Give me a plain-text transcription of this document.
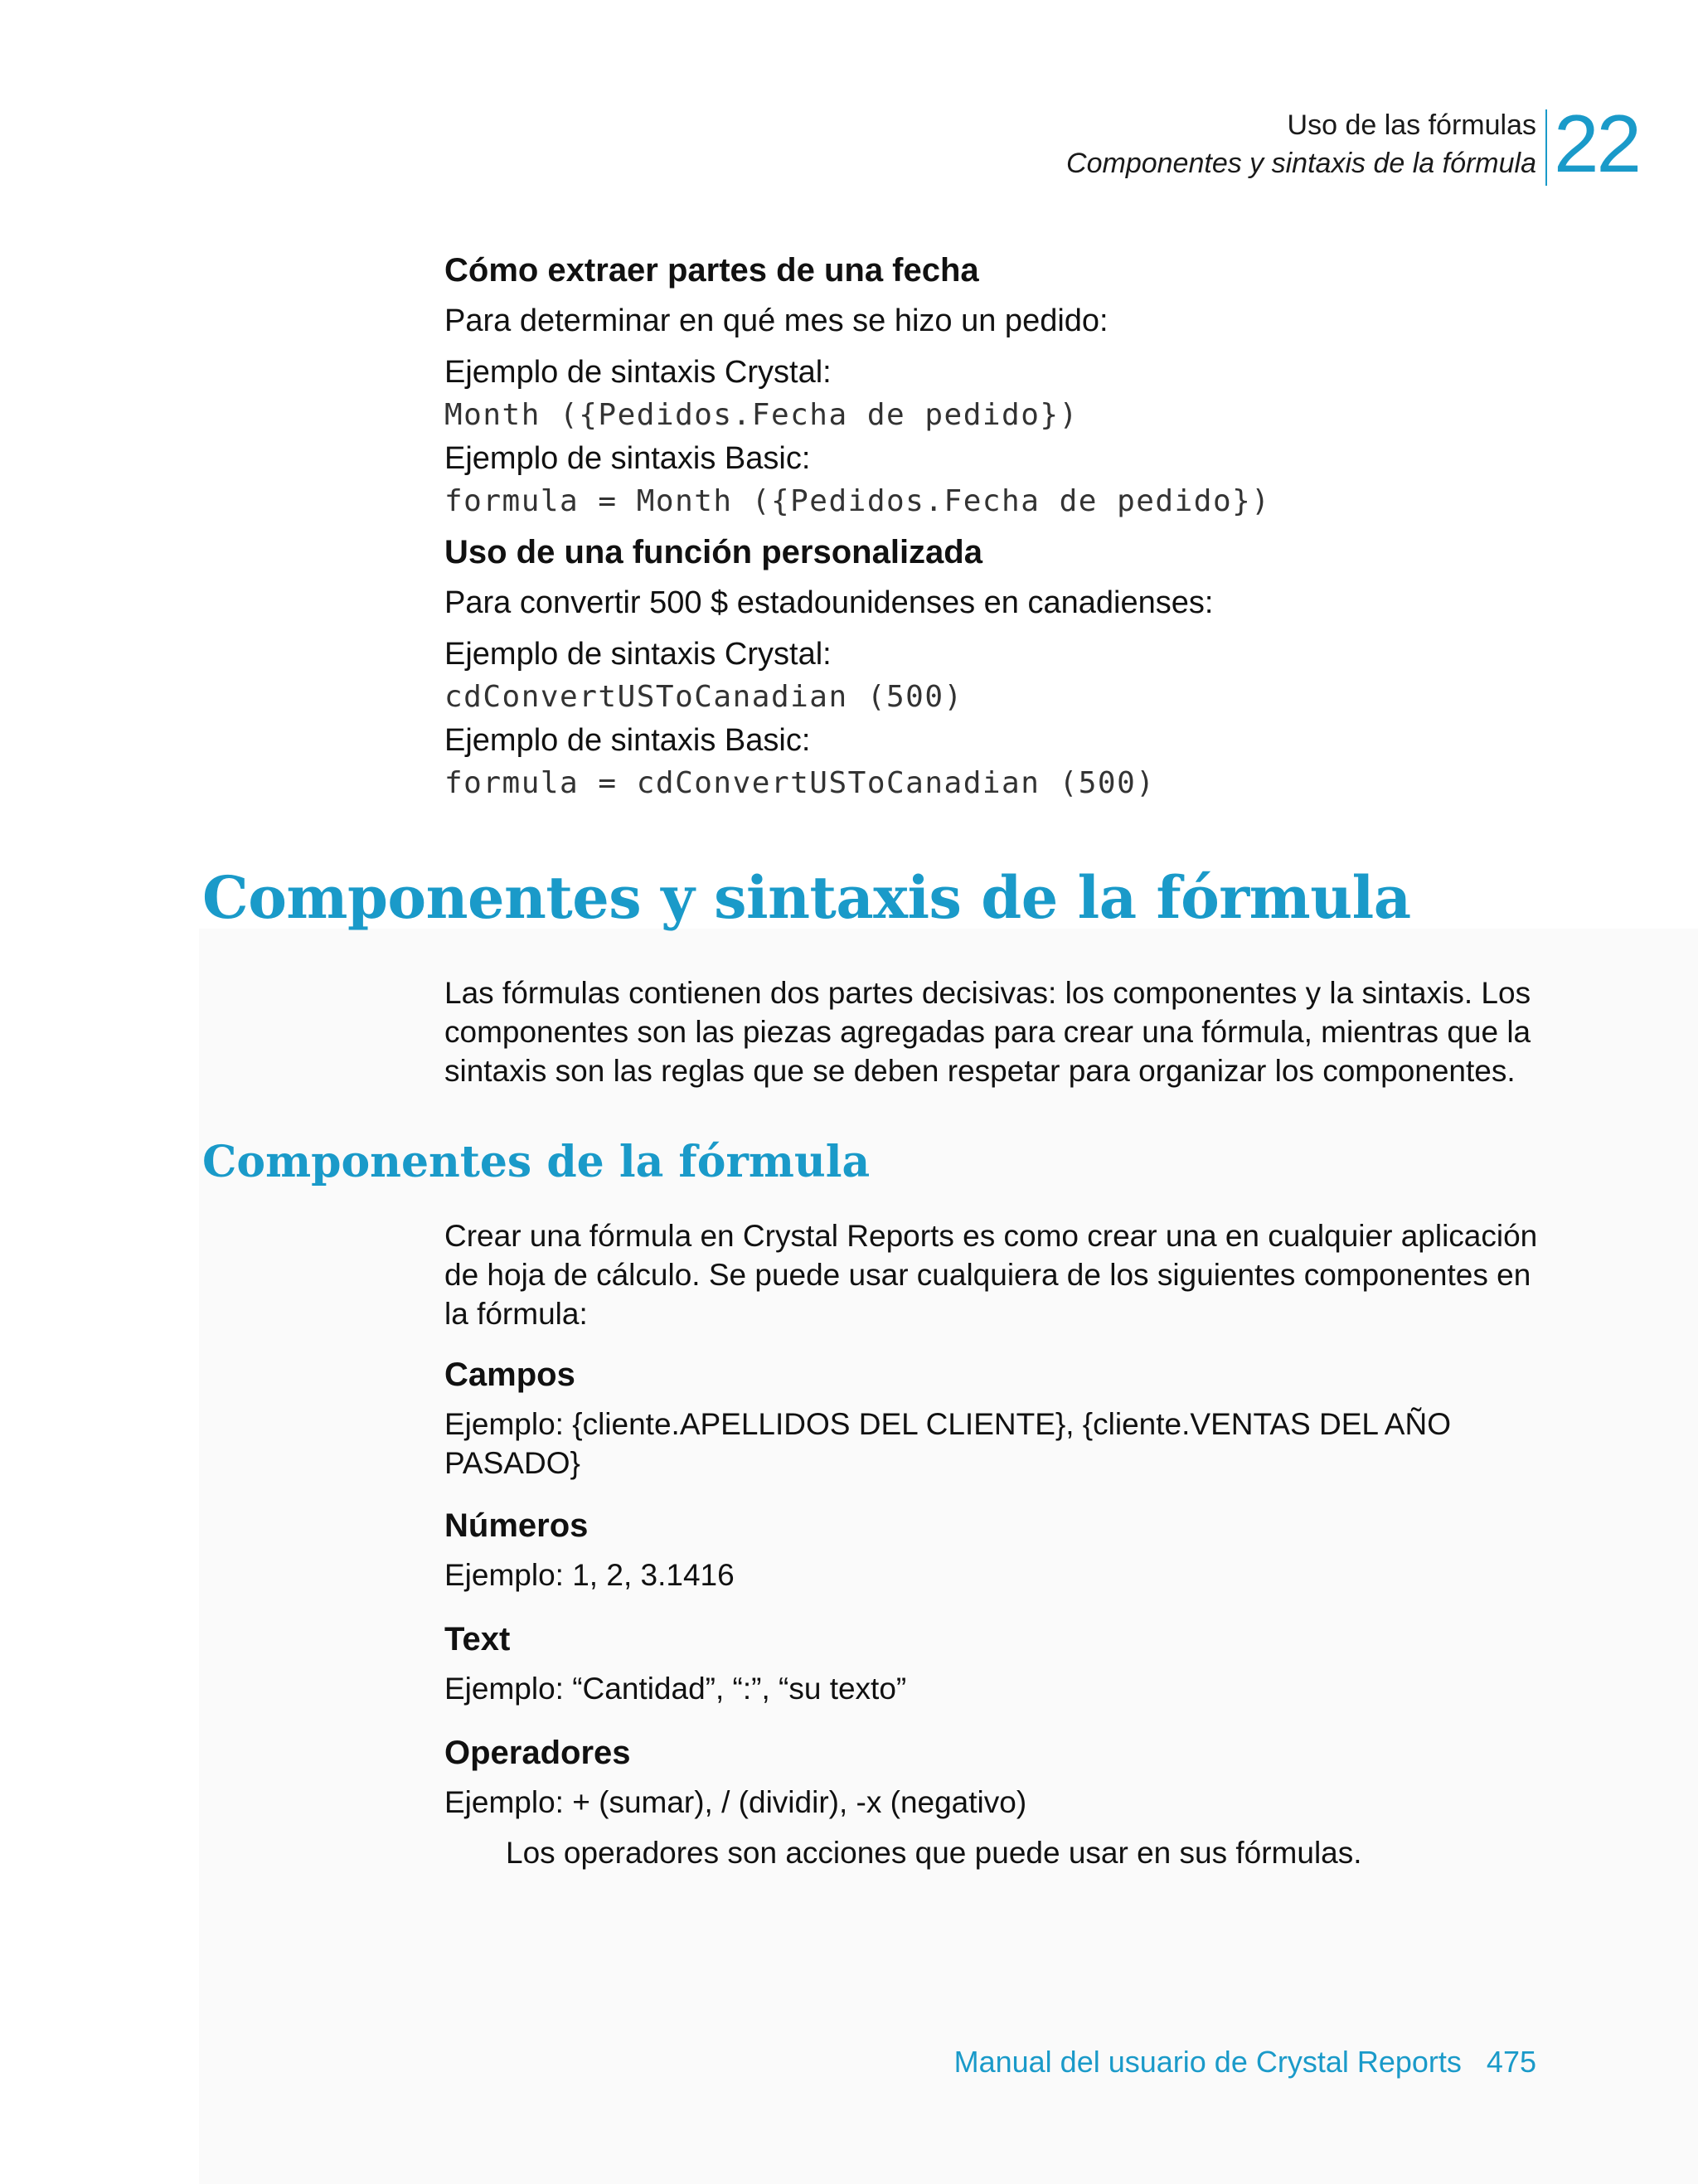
Uso de las fórmulas
Componentes y sintaxis de la fórmula 22
Cómo extraer partes de una fecha
Para determinar en qué mes se hizo un pedido:
Ejemplo de sintaxis Crystal:
Month ({Pedidos.Fecha de pedido})
Ejemplo de sintaxis Basic:
formula = Month ({Pedidos.Fecha de pedido})
Uso de una función personalizada
Para convertir 500 $ estadounidenses en canadienses:
Ejemplo de sintaxis Crystal:
cdConvertUSToCanadian (500)
Ejemplo de sintaxis Basic:
formula = cdConvertUSToCanadian (500)
Componentes y sintaxis de la fórmula
Las fórmulas contienen dos partes decisivas: los componentes y la sintaxis. Los componentes son las piezas agregadas para crear una fórmula, mientras que la sintaxis son las reglas que se deben respetar para organizar los componentes.
Componentes de la fórmula
Crear una fórmula en Crystal Reports es como crear una en cualquier aplicación de hoja de cálculo. Se puede usar cualquiera de los siguientes componentes en la fórmula:
Campos
Ejemplo: {cliente.APELLIDOS DEL CLIENTE}, {cliente.VENTAS DEL AÑO PASADO}
Números
Ejemplo: 1, 2, 3.1416
Text
Ejemplo: “Cantidad”, “:”, “su texto”
Operadores
Ejemplo: + (sumar), / (dividir), -x (negativo)
Los operadores son acciones que puede usar en sus fórmulas.
Manual del usuario de Crystal Reports 475
